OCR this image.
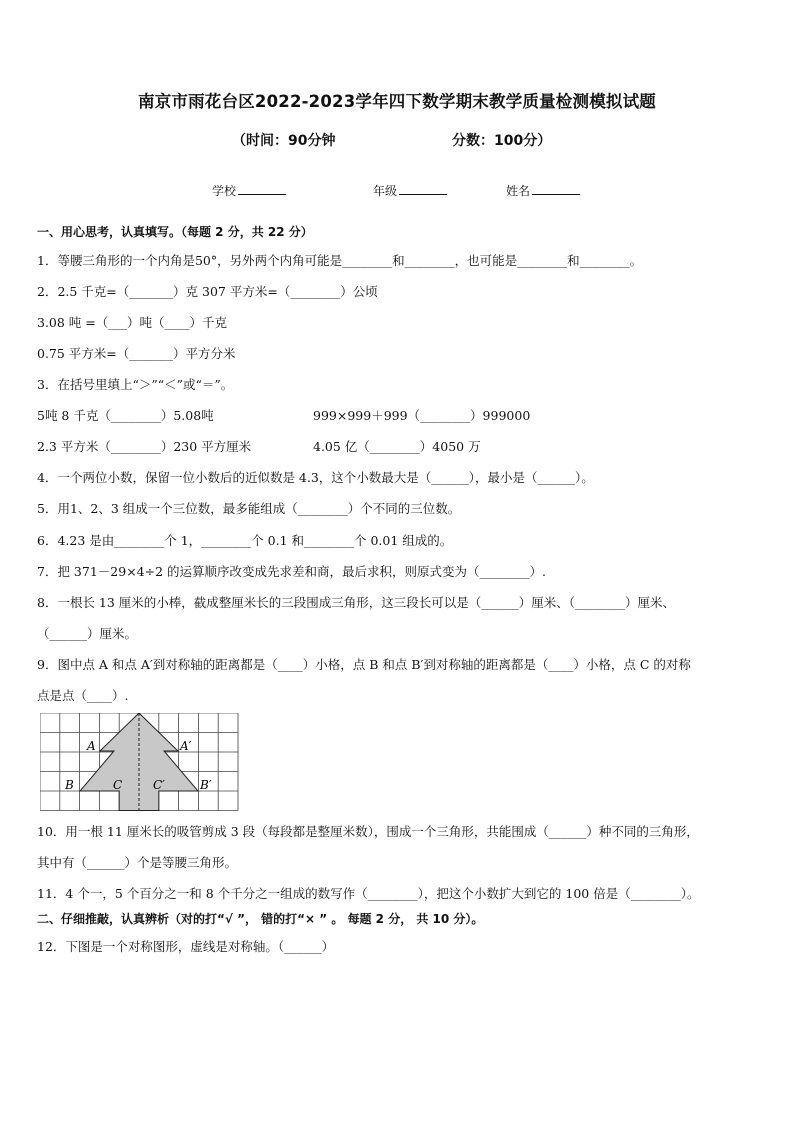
南京市雨花台区2022-2023学年四下数学期末教学质量检测模拟试题
（时间：90分钟	分数：100分）
学校	年级	姓名
一、用心思考，认真填写。（每题 2 分，共 22 分）
1．等腰三角形的一个内角是50°，另外两个内角可能是________和________，也可能是________和________。
2．2.5 千克=（_______）克 307 平方米=（________）公顷
3.08 吨 =（___）吨（____）千克
0.75 平方米=（_______）平方分米
3．在括号里填上“＞”“＜”或“＝”。
5吨 8 千克（________）5.08吨	999×999＋999（________）999000
2.3 平方米（________）230 平方厘米	4.05 亿（________）4050 万
4．一个两位小数，保留一位小数后的近似数是 4.3，这个小数最大是（______），最小是（______）。
5．用1、2、3 组成一个三位数，最多能组成（________）个不同的三位数。
6．4.23 是由________个 1，________个 0.1 和________个 0.01 组成的。
7．把 371－29×4÷2 的运算顺序改变成先求差和商，最后求积，则原式变为（________）.
8．一根长 13 厘米的小棒，截成整厘米长的三段围成三角形，这三段长可以是（______）厘米、（________）厘米、
（______）厘米。
9．图中点 A 和点 A′到对称轴的距离都是（____）小格，点 B 和点 B′到对称轴的距离都是（____）小格，点 C 的对称
点是点（____）.
A	A′
B	B′
C	C′
10．用一根 11 厘米长的吸管剪成 3 段（每段都是整厘米数），围成一个三角形，共能围成（______）种不同的三角形，
其中有（______）个是等腰三角形。
11．4 个一，5 个百分之一和 8 个千分之一组成的数写作（________），把这个小数扩大到它的 100 倍是（________）。
二、仔细推敲，认真辨析（对的打“√ ”， 错的打“× ” 。 每题 2 分， 共 10 分）。
12．下图是一个对称图形，虚线是对称轴。（______）
